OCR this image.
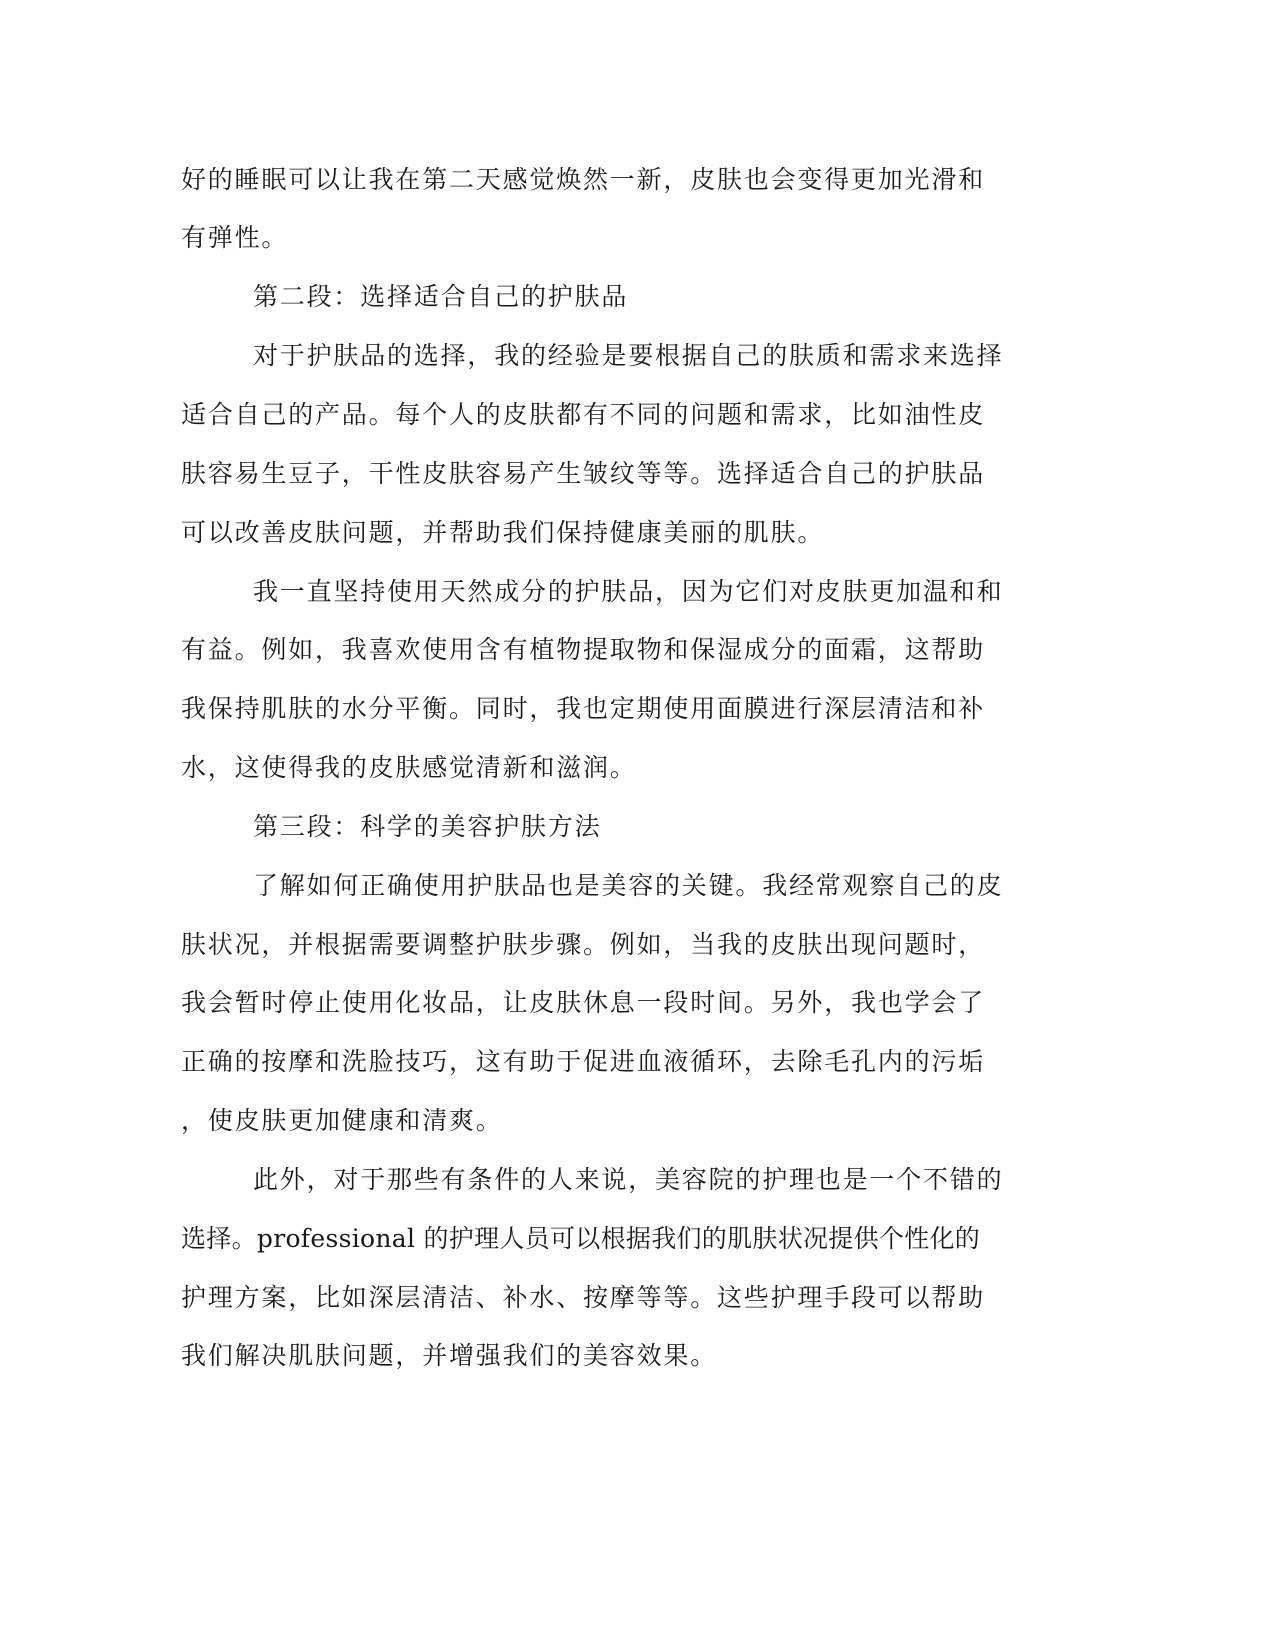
好的睡眠可以让我在第二天感觉焕然一新，皮肤也会变得更加光滑和
有弹性。
第二段：选择适合自己的护肤品
对于护肤品的选择，我的经验是要根据自己的肤质和需求来选择
适合自己的产品。每个人的皮肤都有不同的问题和需求，比如油性皮
肤容易生豆子，干性皮肤容易产生皱纹等等。选择适合自己的护肤品
可以改善皮肤问题，并帮助我们保持健康美丽的肌肤。
我一直坚持使用天然成分的护肤品，因为它们对皮肤更加温和和
有益。例如，我喜欢使用含有植物提取物和保湿成分的面霜，这帮助
我保持肌肤的水分平衡。同时，我也定期使用面膜进行深层清洁和补
水，这使得我的皮肤感觉清新和滋润。
第三段：科学的美容护肤方法
了解如何正确使用护肤品也是美容的关键。我经常观察自己的皮
肤状况，并根据需要调整护肤步骤。例如，当我的皮肤出现问题时，
我会暂时停止使用化妆品，让皮肤休息一段时间。另外，我也学会了
正确的按摩和洗脸技巧，这有助于促进血液循环，去除毛孔内的污垢
，使皮肤更加健康和清爽。
此外，对于那些有条件的人来说，美容院的护理也是一个不错的
选择。professional 的护理人员可以根据我们的肌肤状况提供个性化的
护理方案，比如深层清洁、补水、按摩等等。这些护理手段可以帮助
我们解决肌肤问题，并增强我们的美容效果。
